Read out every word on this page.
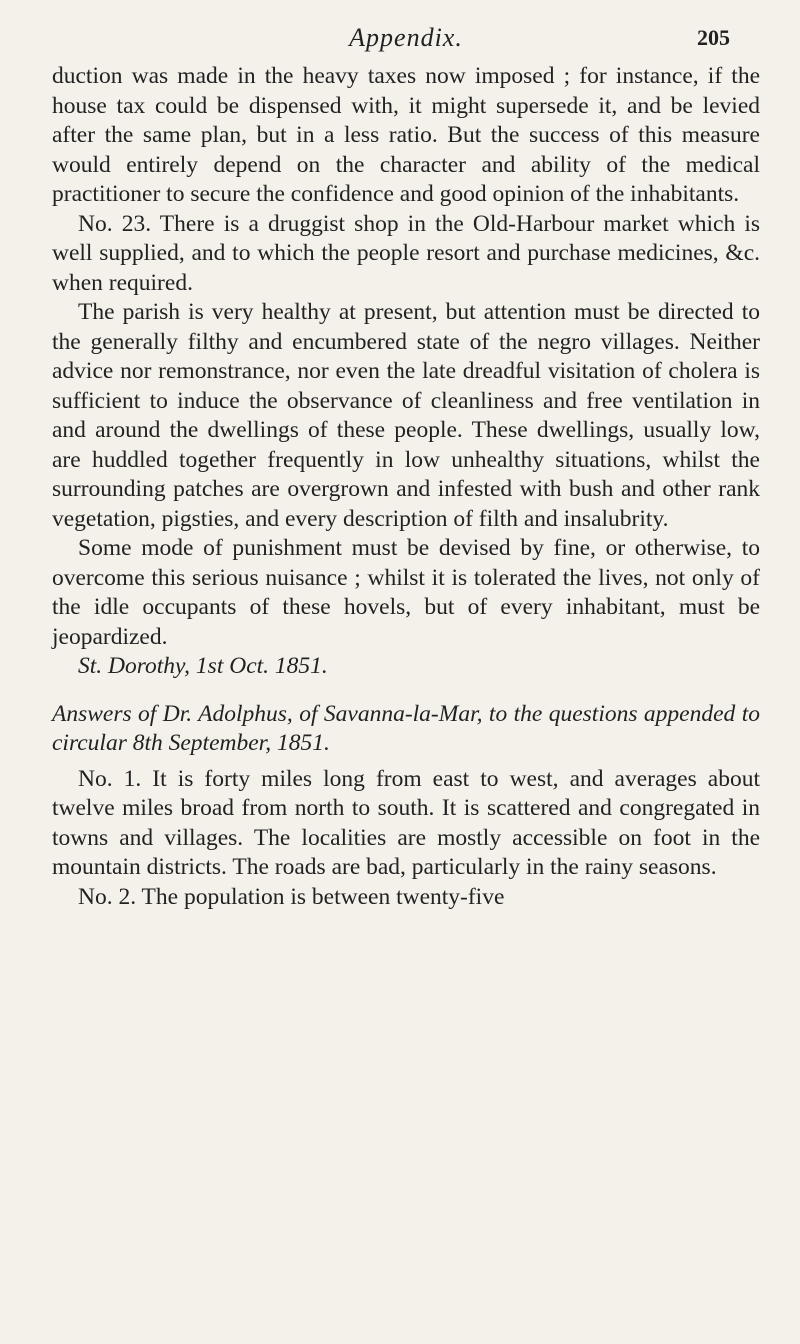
Appendix.	205

duction was made in the heavy taxes now imposed ; for instance, if the house tax could be dispensed with, it might supersede it, and be levied after the same plan, but in a less ratio. But the success of this measure would entirely depend on the character and ability of the medical practitioner to secure the confidence and good opinion of the inhabitants.

No. 23. There is a druggist shop in the Old-Harbour market which is well supplied, and to which the people resort and purchase medicines, &c. when required.

The parish is very healthy at present, but attention must be directed to the generally filthy and encumbered state of the negro villages. Neither advice nor remonstrance, nor even the late dreadful visitation of cholera is sufficient to induce the observance of cleanliness and free ventilation in and around the dwellings of these people. These dwellings, usually low, are huddled together frequently in low unhealthy situations, whilst the surrounding patches are overgrown and infested with bush and other rank vegetation, pigsties, and every description of filth and insalubrity.

Some mode of punishment must be devised by fine, or otherwise, to overcome this serious nuisance ; whilst it is tolerated the lives, not only of the idle occupants of these hovels, but of every inhabitant, must be jeopardized.

St. Dorothy, 1st Oct. 1851.

Answers of Dr. Adolphus, of Savanna-la-Mar, to the questions appended to circular 8th September, 1851.

No. 1. It is forty miles long from east to west, and averages about twelve miles broad from north to south. It is scattered and congregated in towns and villages. The localities are mostly accessible on foot in the mountain districts. The roads are bad, particularly in the rainy seasons.

No. 2. The population is between twenty-five
